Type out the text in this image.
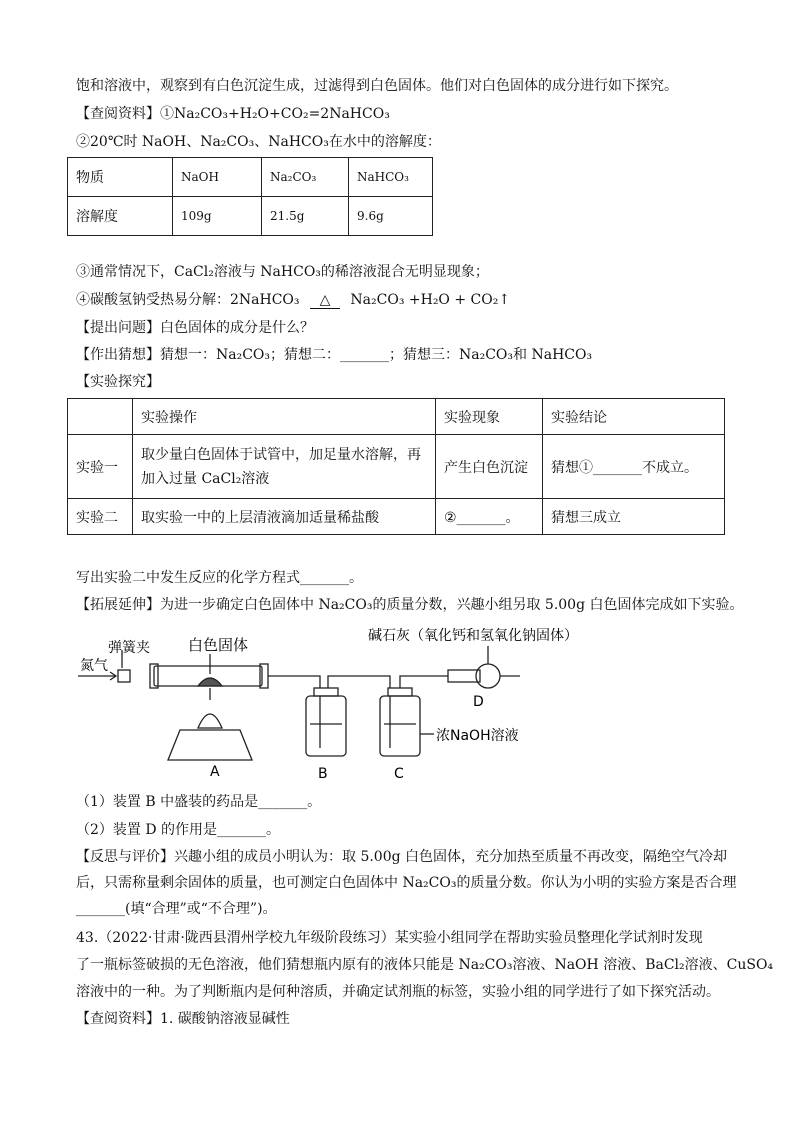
饱和溶液中，观察到有白色沉淀生成，过滤得到白色固体。他们对白色固体的成分进行如下探究。
【查阅资料】①Na₂CO₃+H₂O+CO₂=2NaHCO₃
②20℃时 NaOH、Na₂CO₃、NaHCO₃在水中的溶解度：
物质	NaOH	Na₂CO₃	NaHCO₃
溶解度	109g	21.5g	9.6g
③通常情况下，CaCl₂溶液与 NaHCO₃的稀溶液混合无明显现象；
④碳酸氢钠受热易分解：2NaHCO₃ △ Na₂CO₃ +H₂O + CO₂↑
【提出问题】白色固体的成分是什么？
【作出猜想】猜想一：Na₂CO₃；猜想二：_______；猜想三：Na₂CO₃和 NaHCO₃
【实验探究】
	实验操作	实验现象	实验结论
实验一	取少量白色固体于试管中，加足量水溶解，再
加入过量 CaCl₂溶液	产生白色沉淀	猜想①_______不成立。
实验二	取实验一中的上层清液滴加适量稀盐酸	②_______。	猜想三成立
写出实验二中发生反应的化学方程式_______。
【拓展延伸】为进一步确定白色固体中 Na₂CO₃的质量分数，兴趣小组另取 5.00g 白色固体完成如下实验。
氮气
弹簧夹	白色固体	碱石灰（氧化钙和氢氧化钠固体）
浓NaOH溶液
A	B	C
D
（1）装置 B 中盛装的药品是_______。
（2）装置 D 的作用是_______。
【反思与评价】兴趣小组的成员小明认为：取 5.00g 白色固体，充分加热至质量不再改变，隔绝空气冷却
后，只需称量剩余固体的质量，也可测定白色固体中 Na₂CO₃的质量分数。你认为小明的实验方案是否合理
_______(填“合理”或“不合理”)。
43.（2022·甘肃·陇西县渭州学校九年级阶段练习）某实验小组同学在帮助实验员整理化学试剂时发现
了一瓶标签破损的无色溶液，他们猜想瓶内原有的液体只能是 Na₂CO₃溶液、NaOH 溶液、BaCl₂溶液、CuSO₄
溶液中的一种。为了判断瓶内是何种溶质，并确定试剂瓶的标签，实验小组的同学进行了如下探究活动。
【查阅资料】1. 碳酸钠溶液显碱性
